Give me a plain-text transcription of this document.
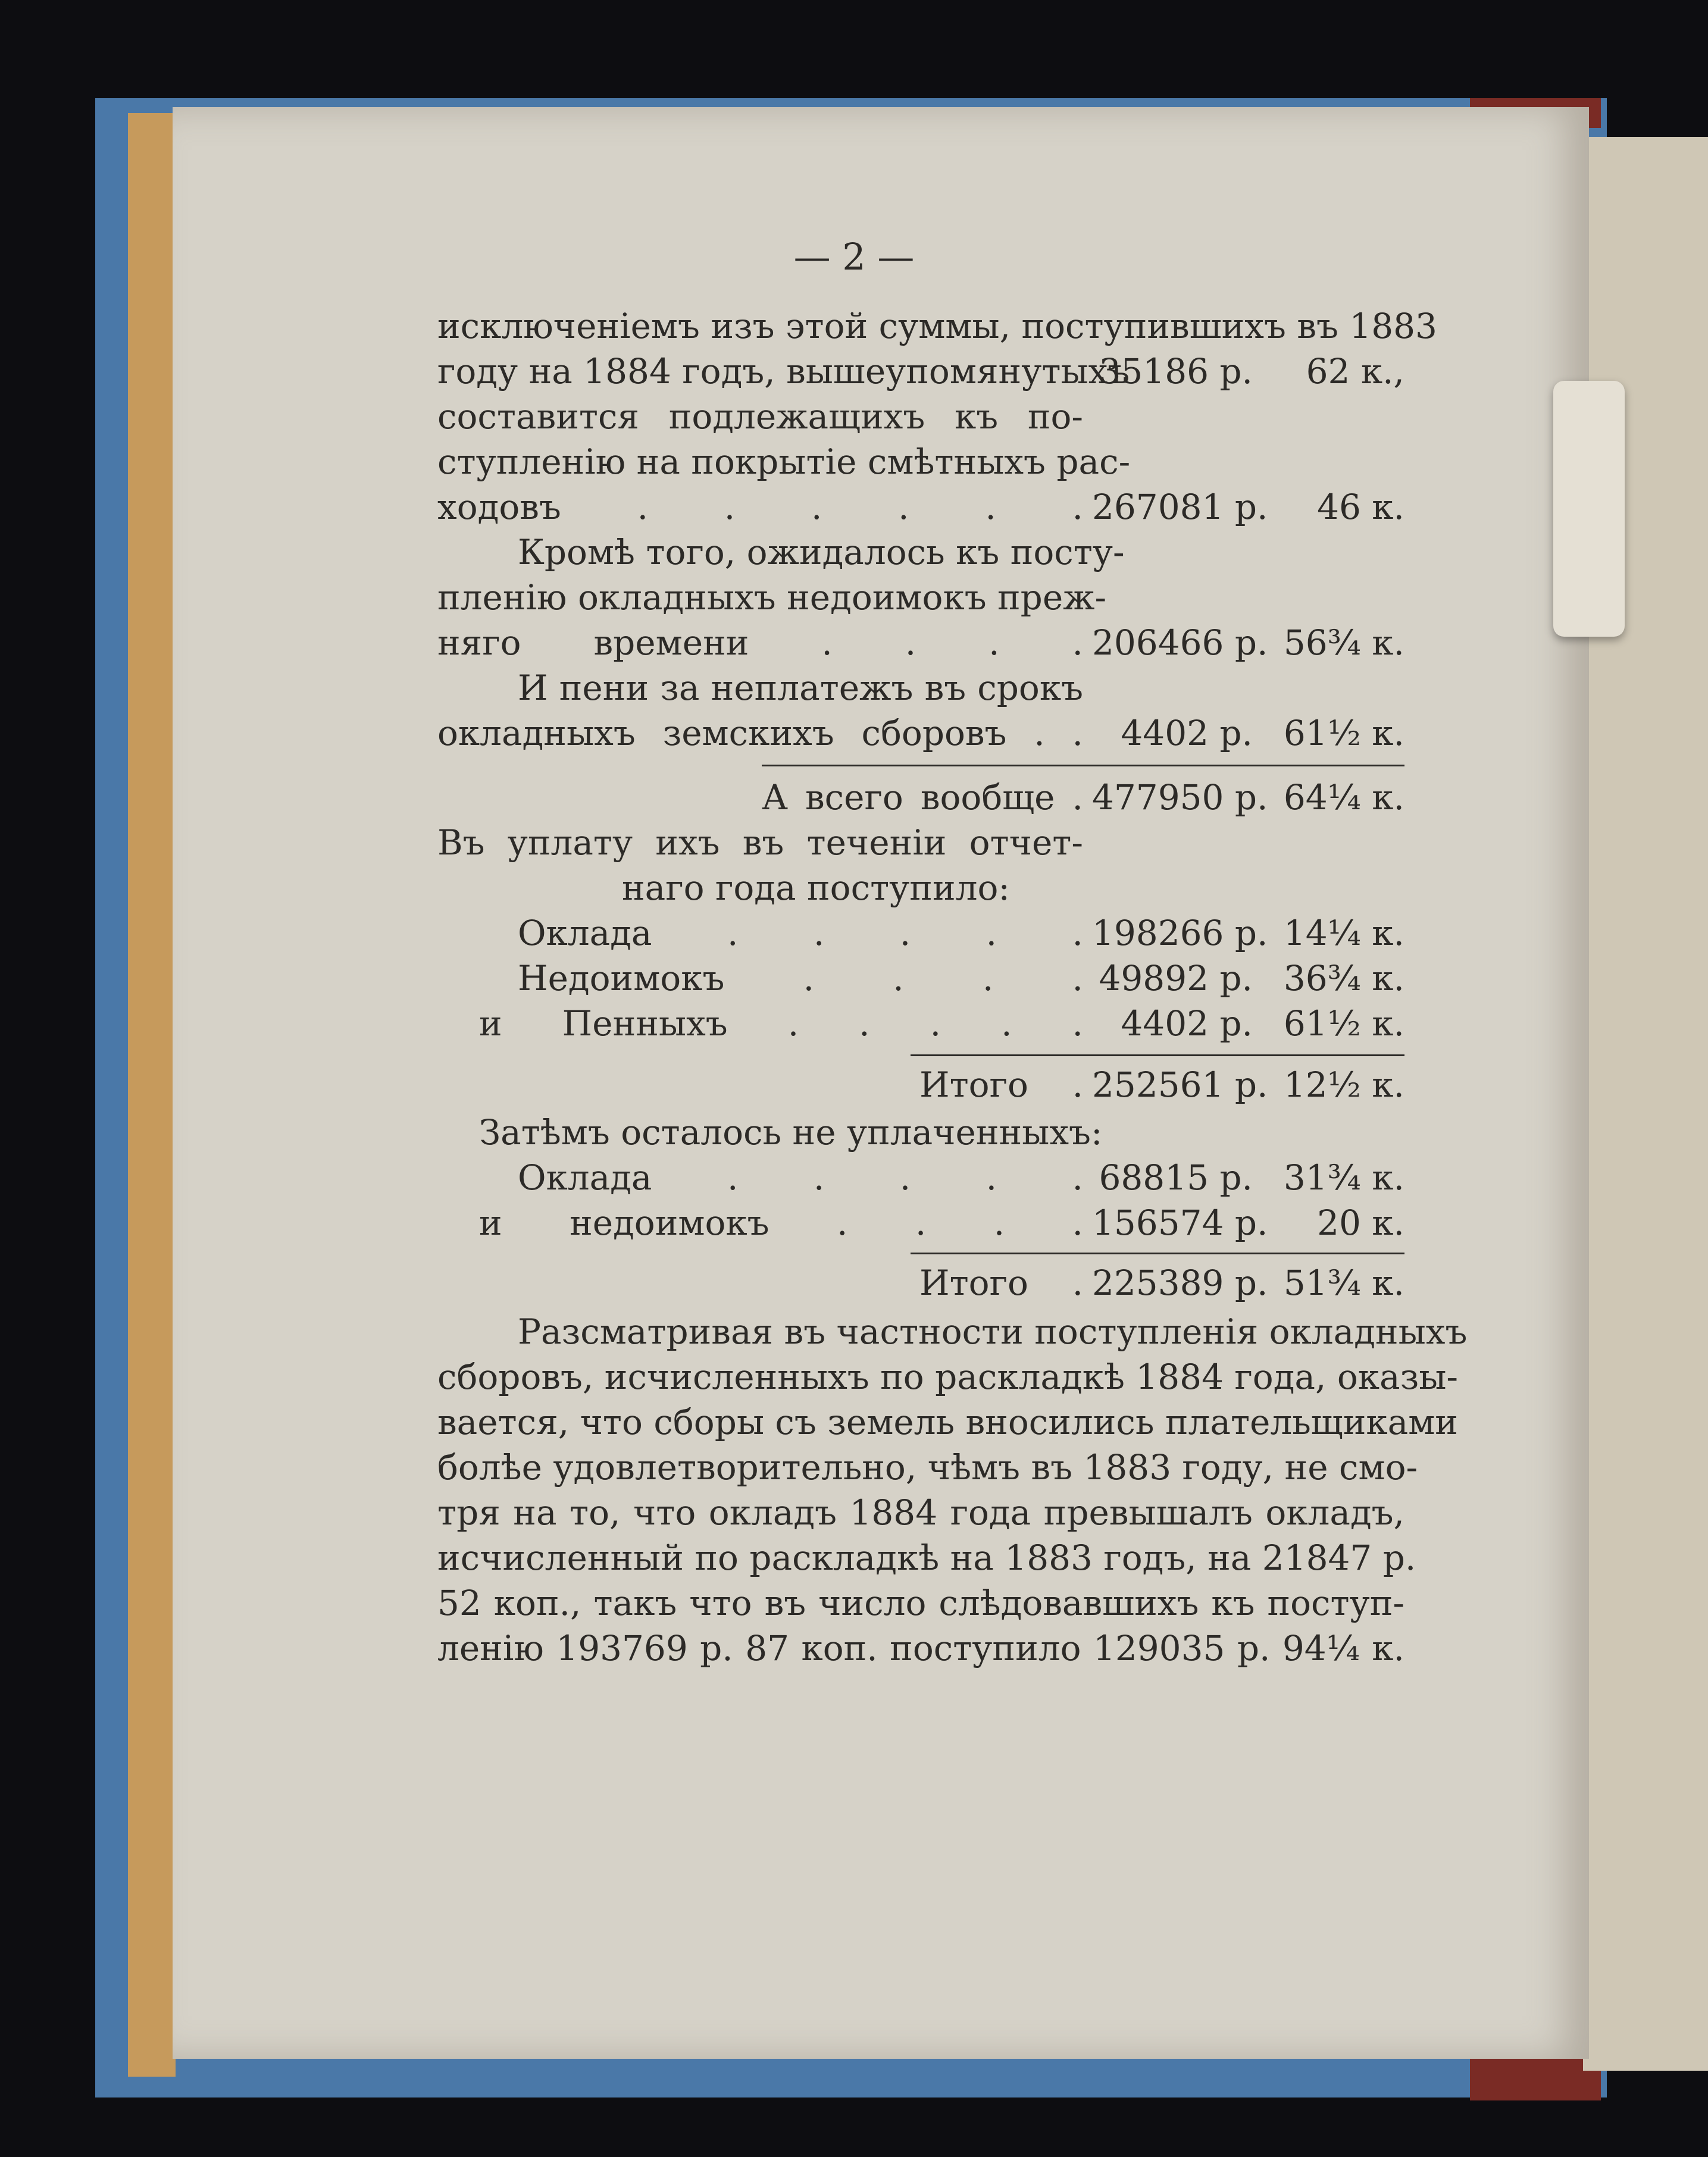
— 2 —
исключеніемъ изъ этой суммы, поступившихъ въ 1883
году на 1884 годъ, вышеупомянутыхъ
35186 р.	62 к.,
составится подлежащихъ къ по-
ступленію на покрытіе смѣтныхъ рас-
ходовъ . . . . . . 267081 р.	46 к.
Кромѣ того, ожидалось къ посту-
пленію окладныхъ недоимокъ преж-
няго времени . . . . 206466 р. 56¾ к.
И пени за неплатежъ въ срокъ
окладныхъ земскихъ сборовъ . .	4402 р. 61½ к.
А всего вообще . 477950 р. 64¼ к.
Въ уплату ихъ въ теченіи отчет-
наго года поступило:
Оклада . . . . . 198266 р. 14¼ к.
Недоимокъ . . . . 49892 р. 36¾ к.
и Пенныхъ . . . . .	4402 р. 61½ к.
Итого . 252561 р. 12½ к.
Затѣмъ осталось не уплаченныхъ:
Оклада . . . . . 68815 р. 31¾ к.
и недоимокъ . . . . 156574 р.	20 к.
Итого . 225389 р. 51¾ к.
Разсматривая въ частности поступленія окладныхъ
сборовъ, исчисленныхъ по раскладкѣ 1884 года, оказы-
вается, что сборы съ земель вносились плательщиками
болѣе удовлетворительно, чѣмъ въ 1883 году, не смо-
тря на то, что окладъ 1884 года превышалъ окладъ,
исчисленный по раскладкѣ на 1883 годъ, на 21847 р.
52 коп., такъ что въ число слѣдовавшихъ къ поступ-
ленію 193769 р. 87 коп. поступило 129035 р. 94¼ к.
